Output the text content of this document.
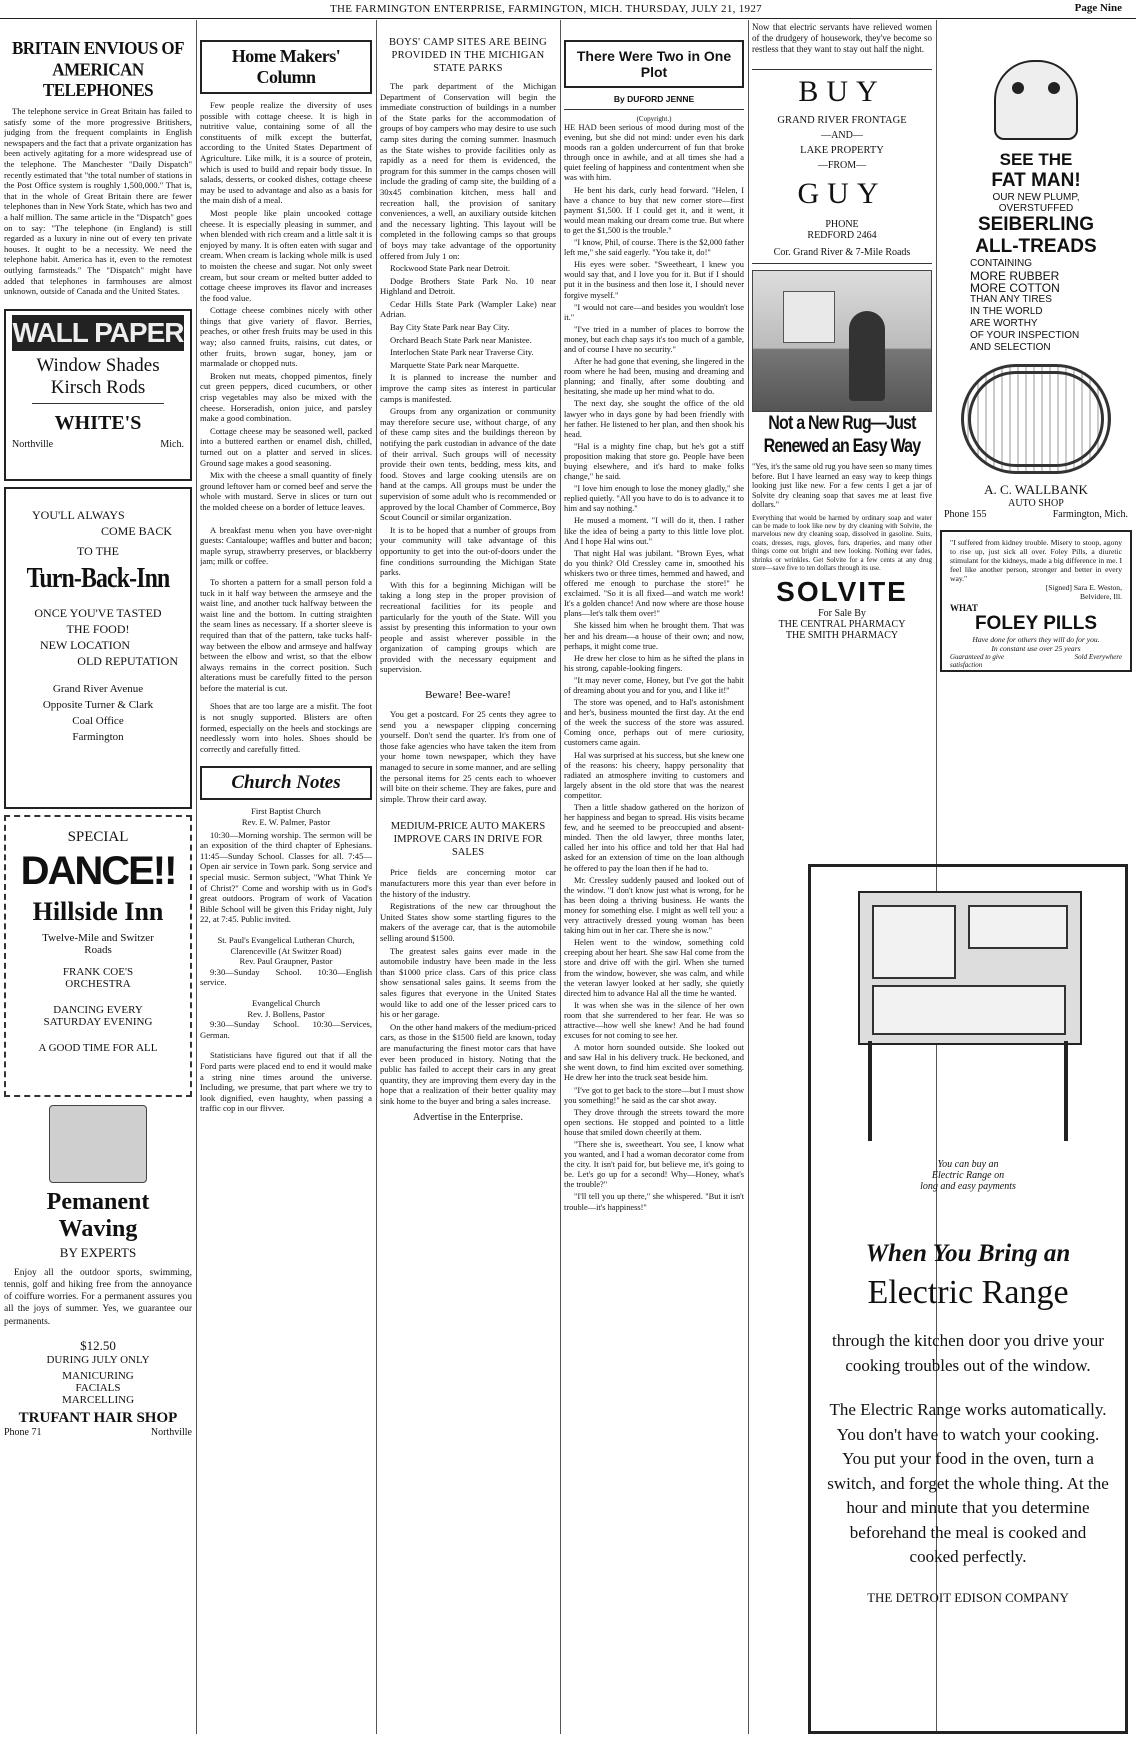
THE FARMINGTON ENTERPRISE, FARMINGTON, MICH. THURSDAY, JULY 21, 1927	Page Nine
BRITAIN ENVIOUS OF AMERICAN TELEPHONES
The telephone service in Great Britain has failed to satisfy some of the more progressive Britishers, judging from the frequent complaints in English newspapers and the fact that a private organization has been actively agitating for a more widespread use of the telephone. The Manchester "Daily Dispatch" recently estimated that "the total number of stations in the Post Office system is roughly 1,500,000." That is, that in the whole of Great Britain there are fewer telephones than in New York State, which has two and a half million. The same article in the "Dispatch" goes on to say: "The telephone (in England) is still regarded as a luxury in nine out of every ten private houses. It ought to be a necessity. We need the telephone habit. America has it, even to the remotest outlying farmsteads." The "Dispatch" might have added that telephones in farmhouses are almost unknown, outside of Canada and the United States.
WALL PAPER
Window Shades
Kirsch Rods
WHITE'S
Northville	Mich.
YOU'LL ALWAYS
COME BACK
TO THE
Turn-Back-Inn
ONCE YOU'VE TASTED
THE FOOD!
NEW LOCATION
OLD REPUTATION
Grand River Avenue
Opposite Turner & Clark
Coal Office
Farmington
SPECIAL
DANCE!!
Hillside Inn
Twelve-Mile and Switzer Roads
FRANK COE'S ORCHESTRA
DANCING EVERY SATURDAY EVENING
A GOOD TIME FOR ALL
Pemanent
Waving
BY EXPERTS
Enjoy all the outdoor sports, swimming, tennis, golf and hiking free from the annoyance of coiffure worries. For a permanent assures you all the joys of summer. Yes, we guarantee our permanents.
$12.50
DURING JULY ONLY
MANICURING
FACIALS
MARCELLING
TRUFANT HAIR SHOP
Phone 71	Northville
Home Makers' Column

Few people realize the diversity of uses possible with cottage cheese. It is high in nutritive value, containing some of all the constituents of milk except the butterfat, according to the United States Department of Agriculture. Like milk, it is a source of protein, which is used to build and repair body tissue. In salads, desserts, or cooked dishes, cottage cheese may be used to advantage and also as a basis for the main dish of a meal.

Most people like plain uncooked cottage cheese. It is especially pleasing in summer, and when blended with rich cream and a little salt it is enjoyed by many. It is often eaten with sugar and cream. When cream is lacking whole milk is used to moisten the cheese and sugar. Not only sweet cream, but sour cream or melted butter added to cottage cheese improves its flavor and increases the food value.

Cottage cheese combines nicely with other things that give variety of flavor. Berries, peaches, or other fresh fruits may be used in this way; also canned fruits, raisins, cut dates, or other fruits, brown sugar, honey, jam or marmalade or chopped nuts.

Broken nut meats, chopped pimentos, finely cut green peppers, diced cucumbers, or other crisp vegetables may also be mixed with the cheese. Horseradish, onion juice, and parsley make a good combination.

Cottage cheese may be seasoned well, packed into a buttered earthen or enamel dish, chilled, turned out on a platter and served in slices. Ground sage makes a good seasoning.

Mix with the cheese a small quantity of finely ground leftover ham or corned beef and serve the whole with mustard. Serve in slices or turn out the molded cheese on a border of lettuce leaves.

A breakfast menu when you have over-night guests: Cantaloupe; waffles and butter and bacon; maple syrup, strawberry preserves, or blackberry jam; milk or coffee.

To shorten a pattern for a small person fold a tuck in it half way between the armseye and the waist line, and another tuck halfway between the waist line and the bottom. In cutting straighten the seam lines as necessary. If a shorter sleeve is required than that of the pattern, take tucks half-way between the elbow and armseye and halfway between the elbow and wrist, so that the elbow always remains in the correct position. Such alterations must be carefully fitted to the person before the material is cut.

Shoes that are too large are a misfit. The foot is not snugly supported. Blisters are often formed, especially on the heels and stockings are needlessly worn into holes. Shoes should be correctly and carefully fitted.

Church Notes
First Baptist Church
Rev. E. W. Palmer, Pastor

10:30—Morning worship. The sermon will be an exposition of the third chapter of Ephesians. 11:45—Sunday School. Classes for all. 7:45—Open air service in Town park. Song service and special music. Sermon subject, "What Think Ye of Christ?" Come and worship with us in God's great outdoors. Program of work of Vacation Bible School will be given this Friday night, July 22, at 7:45. Public invited.

St. Paul's Evangelical Lutheran Church, Clarenceville (At Switzer Road)
Rev. Paul Graupner, Pastor

9:30—Sunday School. 10:30—English service.

Evangelical Church
Rev. J. Bollens, Pastor

9:30—Sunday School. 10:30—Services, German.

Statisticians have figured out that if all the Ford parts were placed end to end it would make a string nine times around the universe. Including, we presume, that part where we try to look dignified, even haughty, when passing a traffic cop in our flivver.

BOYS' CAMP SITES ARE BEING PROVIDED IN THE MICHIGAN STATE PARKS

The park department of the Michigan Department of Conservation will begin the immediate construction of buildings in a number of the State parks for the accommodation of groups of boy campers who may desire to use such camp sites during the coming summer. Inasmuch as the State wishes to provide facilities only as rapidly as a need for them is evidenced, the program for this summer in the camps chosen will include the grading of camp site, the building of a 30x45 combination kitchen, mess hall and recreation hall, the provision of sanitary conveniences, a well, an auxiliary outside kitchen and the necessary lighting. This layout will be completed in the following camps so that groups of boys may take advantage of the opportunity offered from July 1 on:

Rockwood State Park near Detroit.

Dodge Brothers State Park No. 10 near Highland and Detroit.

Cedar Hills State Park (Wampler Lake) near Adrian.

Bay City State Park near Bay City.

Orchard Beach State Park near Manistee.

Interlochen State Park near Traverse City.

Marquette State Park near Marquette.

It is planned to increase the number and improve the camp sites as interest in particular camps is manifested.

Groups from any organization or community may therefore secure use, without charge, of any of these camp sites and the buildings thereon by notifying the park custodian in advance of the date of their arrival. Such groups will of necessity provide their own tents, bedding, mess kits, and food. Stoves and large cooking utensils are on hand at the camps. All groups must be under the supervision of some adult who is recommended or approved by the local Chamber of Commerce, Boy Scout Council or similar organization.

It is to be hoped that a number of groups from your community will take advantage of this opportunity to get into the out-of-doors under the fine conditions surrounding the Michigan State parks.

With this for a beginning Michigan will be taking a long step in the proper provision of recreational facilities for its people and particularly for the youth of the State. Will you assist by presenting this information to your own people and assist wherever possible in the organization of camping groups which are provided with the necessary equipment and supervision.

Beware! Bee-ware!
You get a postcard. For 25 cents they agree to send you a newspaper clipping concerning yourself. Don't send the quarter. It's from one of those fake agencies who have taken the item from your home town newspaper, which they have managed to secure in some manner, and are selling the personal items for 25 cents each to whoever will bite on their scheme. They are fakes, pure and simple. Throw their card away.
MEDIUM-PRICE AUTO MAKERS IMPROVE CARS IN DRIVE FOR SALES

Price fields are concerning motor car manufacturers more this year than ever before in the history of the industry.

Registrations of the new car throughout the United States show some startling figures to the makers of the average car, that is the automobile selling around $1500.

The greatest sales gains ever made in the automobile industry have been made in the less than $1000 price class. Cars of this price class show sensational sales gains. It seems from the sales figures that everyone in the United States would like to add one of the lesser priced cars to his or her garage.

On the other hand makers of the medium-priced cars, as those in the $1500 field are known, today are manufacturing the finest motor cars that have ever been produced in history. Noting that the public has failed to accept their cars in any great quantity, they are improving them every day in the hope that a realization of their better quality may sink home to the buyer and bring a sales increase.

Advertise in the Enterprise.
There Were Two in One Plot
By DUFORD JENNE
(Copyright.)

HE HAD been serious of mood during most of the evening, but she did not mind: under even his dark moods ran a golden undercurrent of fun that broke through once in awhile, and at all times she had a quiet feeling of happiness and contentment when she was with him.

He bent his dark, curly head forward. "Helen, I have a chance to buy that new corner store—first payment $1,500. If I could get it, and it went, it would mean making our dream come true. But where to get the $1,500 is the trouble."

"I know, Phil, of course. There is the $2,000 father left me," she said eagerly. "You take it, do!"

His eyes were sober. "Sweetheart, I knew you would say that, and I love you for it. But if I should put it in the business and then lose it, I should never forgive myself."

"I would not care—and besides you wouldn't lose it."

"I've tried in a number of places to borrow the money, but each chap says it's too much of a gamble, and of course I have no security."

After he had gone that evening, she lingered in the room where he had been, musing and dreaming and planning; and finally, after some doubting and hesitating, she made up her mind what to do.

The next day, she sought the office of the old lawyer who in days gone by had been friendly with her father. He listened to her plan, and then shook his head.

"Hal is a mighty fine chap, but he's got a stiff proposition making that store go. People have been buying elsewhere, and it's hard to make folks change," he said.

"I love him enough to lose the money gladly," she replied quietly. "All you have to do is to advance it to him and say nothing."

He mused a moment. "I will do it, then. I rather like the idea of being a party to this little love plot. And I hope Hal wins out."

That night Hal was jubilant. "Brown Eyes, what do you think? Old Cressley came in, smoothed his whiskers two or three times, hemmed and hawed, and offered me enough to purchase the store!" he exclaimed. "So it is all fixed—and watch me work! It's a golden chance! And now where are those house plans—let's talk them over!"

She kissed him when he brought them. That was her and his dream—a house of their own; and now, perhaps, it might come true.

He drew her close to him as he sifted the plans in his strong, capable-looking fingers.

"It may never come, Honey, but I've got the habit of dreaming about you and for you, and I like it!"

The store was opened, and to Hal's astonishment and her's, business mounted the first day. At the end of the week the success of the store was assured. Coming once, perhaps out of mere curiosity, customers came again.

Hal was surprised at his success, but she knew one of the reasons: his cheery, happy personality that radiated an atmosphere inviting to customers and largely absent in the old store that was the nearest competitor.

Then a little shadow gathered on the horizon of her happiness and began to spread. His visits became few, and he seemed to be preoccupied and absent-minded. Then the old lawyer, three months later, called her into his office and told her that Hal had asked for an extension of time on the loan although he offered to pay the loan then if he had to.

Mr. Cressley suddenly paused and looked out of the window. "I don't know just what is wrong, for he has been doing a thriving business. He wants the money for something else. I might as well tell you: a very attractively dressed young woman has been taking him out in her car. There she is now."

Helen went to the window, something cold creeping about her heart. She saw Hal come from the store and drive off with the girl. When she turned from the window, however, she was calm, and while the veteran lawyer looked at her sadly, she quietly directed him to advance Hal all the time he wanted.

It was when she was in the silence of her own room that she surrendered to her fear. He was so attractive—how well she knew! And he had found excuses for not coming to see her.

A motor horn sounded outside. She looked out and saw Hal in his delivery truck. He beckoned, and she went down, to find him excited over something. He drew her into the truck seat beside him.

"I've got to get back to the store—but I must show you something!" he said as the car shot away.

They drove through the streets toward the more open sections. He stopped and pointed to a little house that smiled down cheerily at them.

"There she is, sweetheart. You see, I know what you wanted, and I had a woman decorator come from the city. It isn't paid for, but believe me, it's going to be. Let's go up for a second! Why—Honey, what's the trouble?"

"I'll tell you up there," she whispered. "But it isn't trouble—it's happiness!"

Now that electric servants have relieved women of the drudgery of housework, they've become so restless that they want to stay out half the night.
BUY
GRAND RIVER FRONTAGE
—AND—
LAKE PROPERTY
—FROM—
GUY
PHONE
REDFORD 2464
Cor. Grand River & 7-Mile Roads
Not a New Rug—Just Renewed an Easy Way
"Yes, it's the same old rug you have seen so many times before. But I have learned an easy way to keep things looking just like new. For a few cents I get a jar of Solvite dry cleaning soap that saves me at least five dollars."
Everything that would be harmed by ordinary soap and water can be made to look like new by dry cleaning with Solvite, the marvelous new dry cleaning soap, dissolved in gasoline. Suits, coats, dresses, rugs, gloves, furs, draperies, and many other things come out bright and new looking. Nothing ever fades, shrinks or wrinkles. Get Solvite for a few cents at any drug store—save five to ten dollars through its use.
SOLVITE
For Sale By
THE CENTRAL PHARMACY
THE SMITH PHARMACY
SEE THE
FAT MAN!
OUR NEW PLUMP,
OVERSTUFFED
SEIBERLING
ALL-TREADS
CONTAINING
MORE RUBBER
MORE COTTON
THAN ANY TIRES
IN THE WORLD
ARE WORTHY
OF YOUR INSPECTION
AND SELECTION
A. C. WALLBANK
AUTO SHOP
Phone 155	Farmington, Mich.
"I suffered from kidney trouble. Misery to stoop, agony to rise up, just sick all over. Foley Pills, a diuretic stimulant for the kidneys, made a big difference in me. I feel like another person, stronger and better in every way."
[Signed] Sara E. Weston,
Belvidere, Ill.
WHAT
FOLEY PILLS
Have done for others they will do for you.
In constant use over 25 years
Guaranteed to give satisfaction
Sold Everywhere
You can buy an
Electric Range on
long and easy payments
When You Bring an
Electric Range
through the kitchen door you drive your cooking troubles out of the window.
The Electric Range works automatically. You don't have to watch your cooking. You put your food in the oven, turn a switch, and forget the whole thing. At the hour and minute that you determine beforehand the meal is cooked and cooked perfectly.
THE DETROIT EDISON COMPANY
